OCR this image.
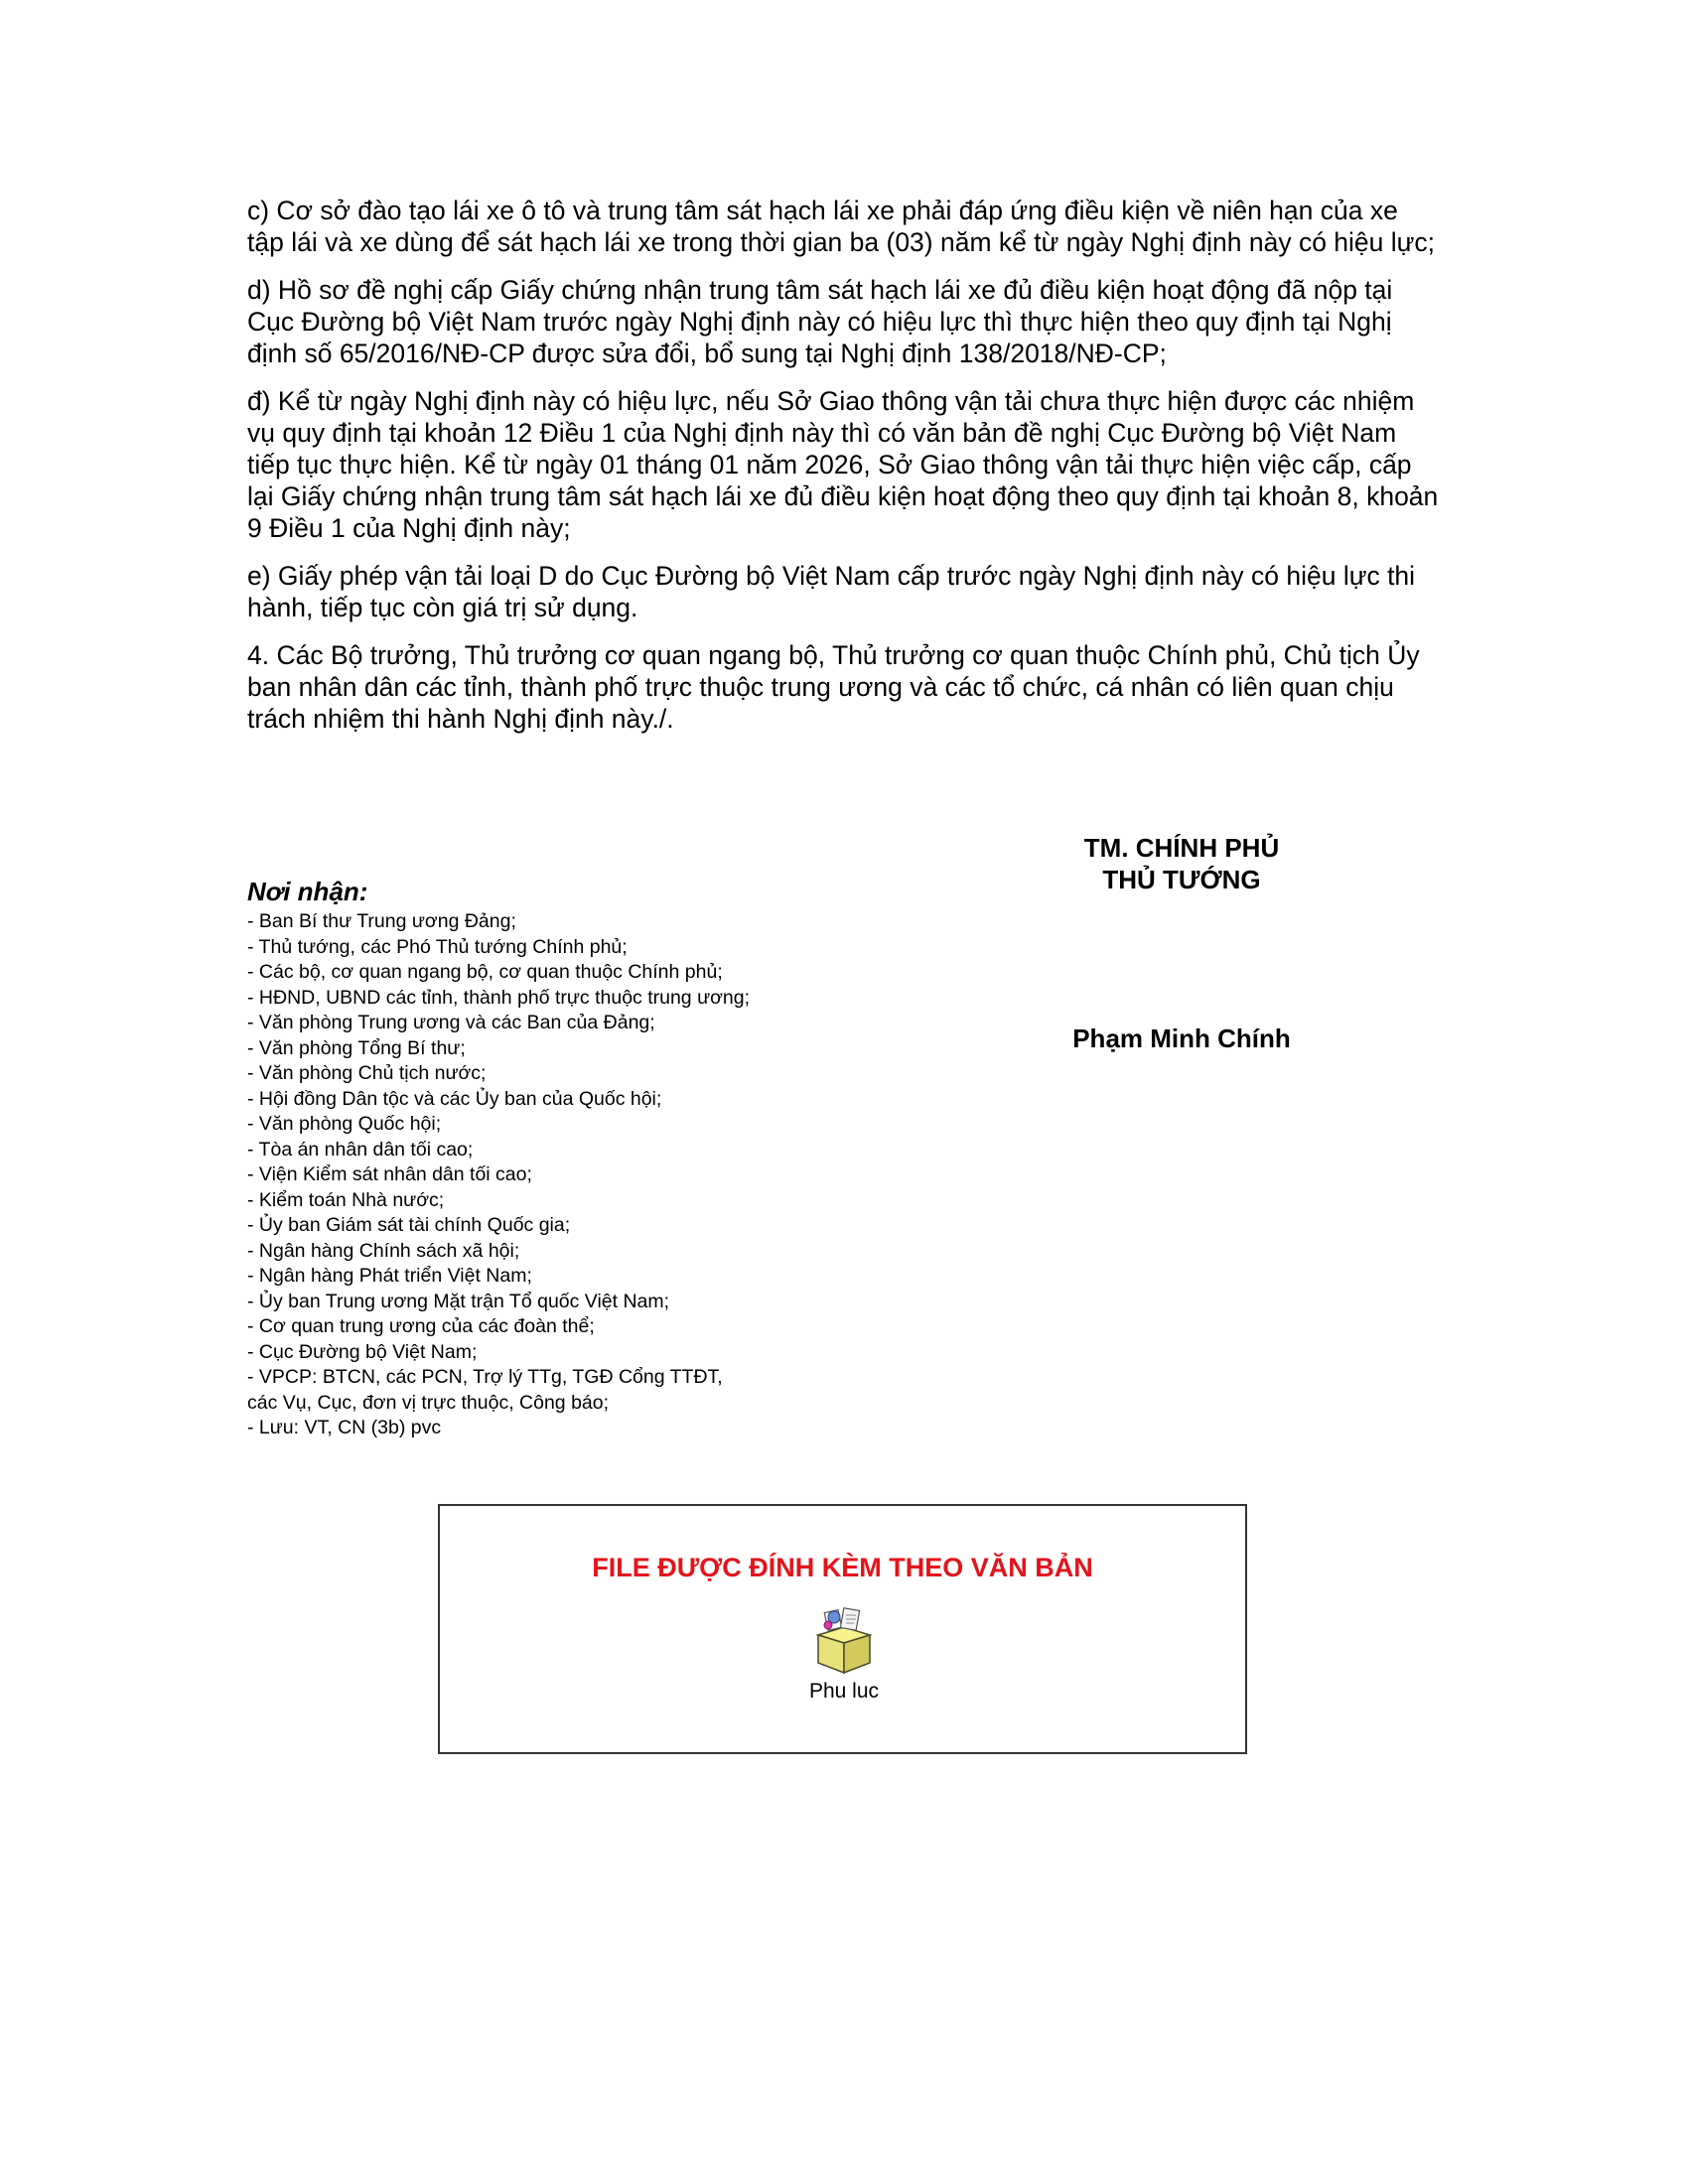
c) Cơ sở đào tạo lái xe ô tô và trung tâm sát hạch lái xe phải đáp ứng điều kiện về niên hạn của xe tập lái và xe dùng để sát hạch lái xe trong thời gian ba (03) năm kể từ ngày Nghị định này có hiệu lực;

d) Hồ sơ đề nghị cấp Giấy chứng nhận trung tâm sát hạch lái xe đủ điều kiện hoạt động đã nộp tại Cục Đường bộ Việt Nam trước ngày Nghị định này có hiệu lực thì thực hiện theo quy định tại Nghị định số 65/2016/NĐ-CP được sửa đổi, bổ sung tại Nghị định 138/2018/NĐ-CP;

đ) Kể từ ngày Nghị định này có hiệu lực, nếu Sở Giao thông vận tải chưa thực hiện được các nhiệm vụ quy định tại khoản 12 Điều 1 của Nghị định này thì có văn bản đề nghị Cục Đường bộ Việt Nam tiếp tục thực hiện. Kể từ ngày 01 tháng 01 năm 2026, Sở Giao thông vận tải thực hiện việc cấp, cấp lại Giấy chứng nhận trung tâm sát hạch lái xe đủ điều kiện hoạt động theo quy định tại khoản 8, khoản 9 Điều 1 của Nghị định này;

e) Giấy phép vận tải loại D do Cục Đường bộ Việt Nam cấp trước ngày Nghị định này có hiệu lực thi hành, tiếp tục còn giá trị sử dụng.

4. Các Bộ trưởng, Thủ trưởng cơ quan ngang bộ, Thủ trưởng cơ quan thuộc Chính phủ, Chủ tịch Ủy ban nhân dân các tỉnh, thành phố trực thuộc trung ương và các tổ chức, cá nhân có liên quan chịu trách nhiệm thi hành Nghị định này./.

TM. CHÍNH PHỦ
THỦ TƯỚNG
Phạm Minh Chính
Nơi nhận:
- Ban Bí thư Trung ương Đảng;
- Thủ tướng, các Phó Thủ tướng Chính phủ;
- Các bộ, cơ quan ngang bộ, cơ quan thuộc Chính phủ;
- HĐND, UBND các tỉnh, thành phố trực thuộc trung ương;
- Văn phòng Trung ương và các Ban của Đảng;
- Văn phòng Tổng Bí thư;
- Văn phòng Chủ tịch nước;
- Hội đồng Dân tộc và các Ủy ban của Quốc hội;
- Văn phòng Quốc hội;
- Tòa án nhân dân tối cao;
- Viện Kiểm sát nhân dân tối cao;
- Kiểm toán Nhà nước;
- Ủy ban Giám sát tài chính Quốc gia;
- Ngân hàng Chính sách xã hội;
- Ngân hàng Phát triển Việt Nam;
- Ủy ban Trung ương Mặt trận Tổ quốc Việt Nam;
- Cơ quan trung ương của các đoàn thể;
- Cục Đường bộ Việt Nam;
- VPCP: BTCN, các PCN, Trợ lý TTg, TGĐ Cổng TTĐT,
các Vụ, Cục, đơn vị trực thuộc, Công báo;
- Lưu: VT, CN (3b) pvc
FILE ĐƯỢC ĐÍNH KÈM THEO VĂN BẢN
Phu luc
